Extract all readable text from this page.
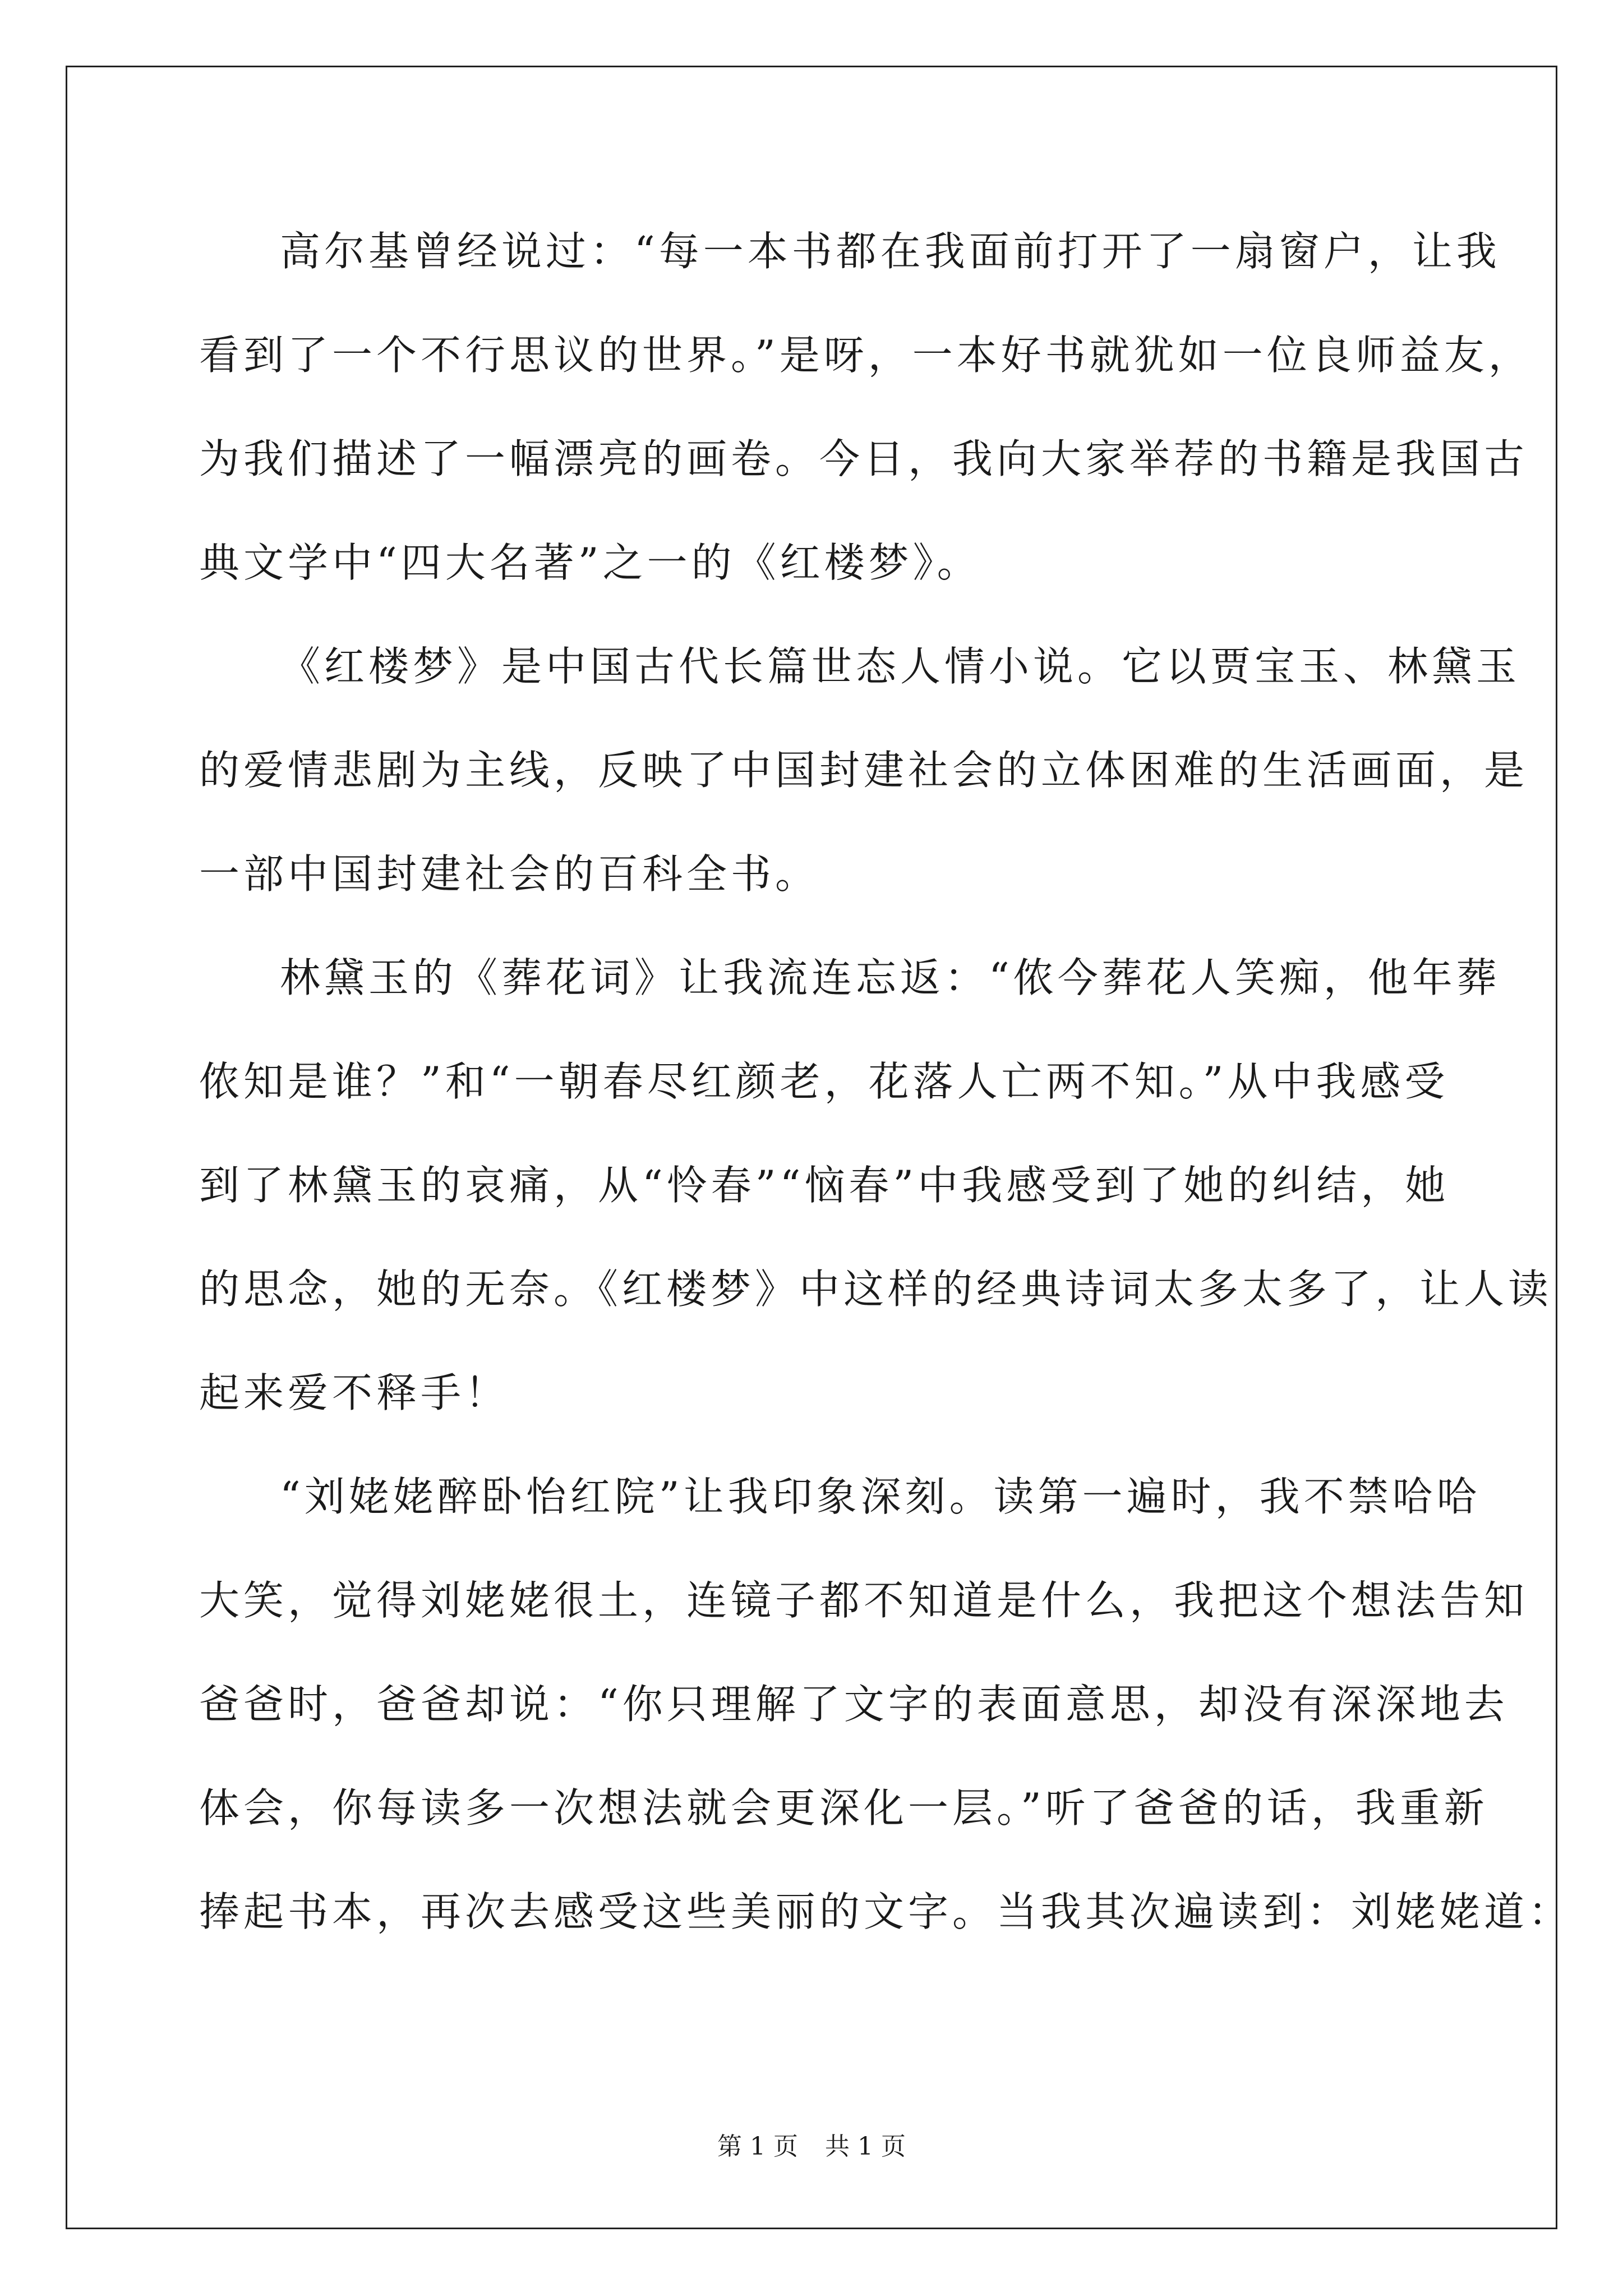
高尔基曾经说过：“每一本书都在我面前打开了一扇窗户，让我
看到了一个不行思议的世界。”是呀，一本好书就犹如一位良师益友，
为我们描述了一幅漂亮的画卷。今日，我向大家举荐的书籍是我国古
典文学中“四大名著”之一的《红楼梦》。
《红楼梦》是中国古代长篇世态人情小说。它以贾宝玉、林黛玉
的爱情悲剧为主线，反映了中国封建社会的立体困难的生活画面，是
一部中国封建社会的百科全书。
林黛玉的《葬花词》让我流连忘返：“侬今葬花人笑痴，他年葬
侬知是谁？”和“一朝春尽红颜老，花落人亡两不知。”从中我感受
到了林黛玉的哀痛，从“怜春”“恼春”中我感受到了她的纠结，她
的思念，她的无奈。《红楼梦》中这样的经典诗词太多太多了，让人读
起来爱不释手！
“刘姥姥醉卧怡红院”让我印象深刻。读第一遍时，我不禁哈哈
大笑，觉得刘姥姥很土，连镜子都不知道是什么，我把这个想法告知
爸爸时，爸爸却说：“你只理解了文字的表面意思，却没有深深地去
体会，你每读多一次想法就会更深化一层。”听了爸爸的话，我重新
捧起书本，再次去感受这些美丽的文字。当我其次遍读到：刘姥姥道：
第 1 页 共 1 页
